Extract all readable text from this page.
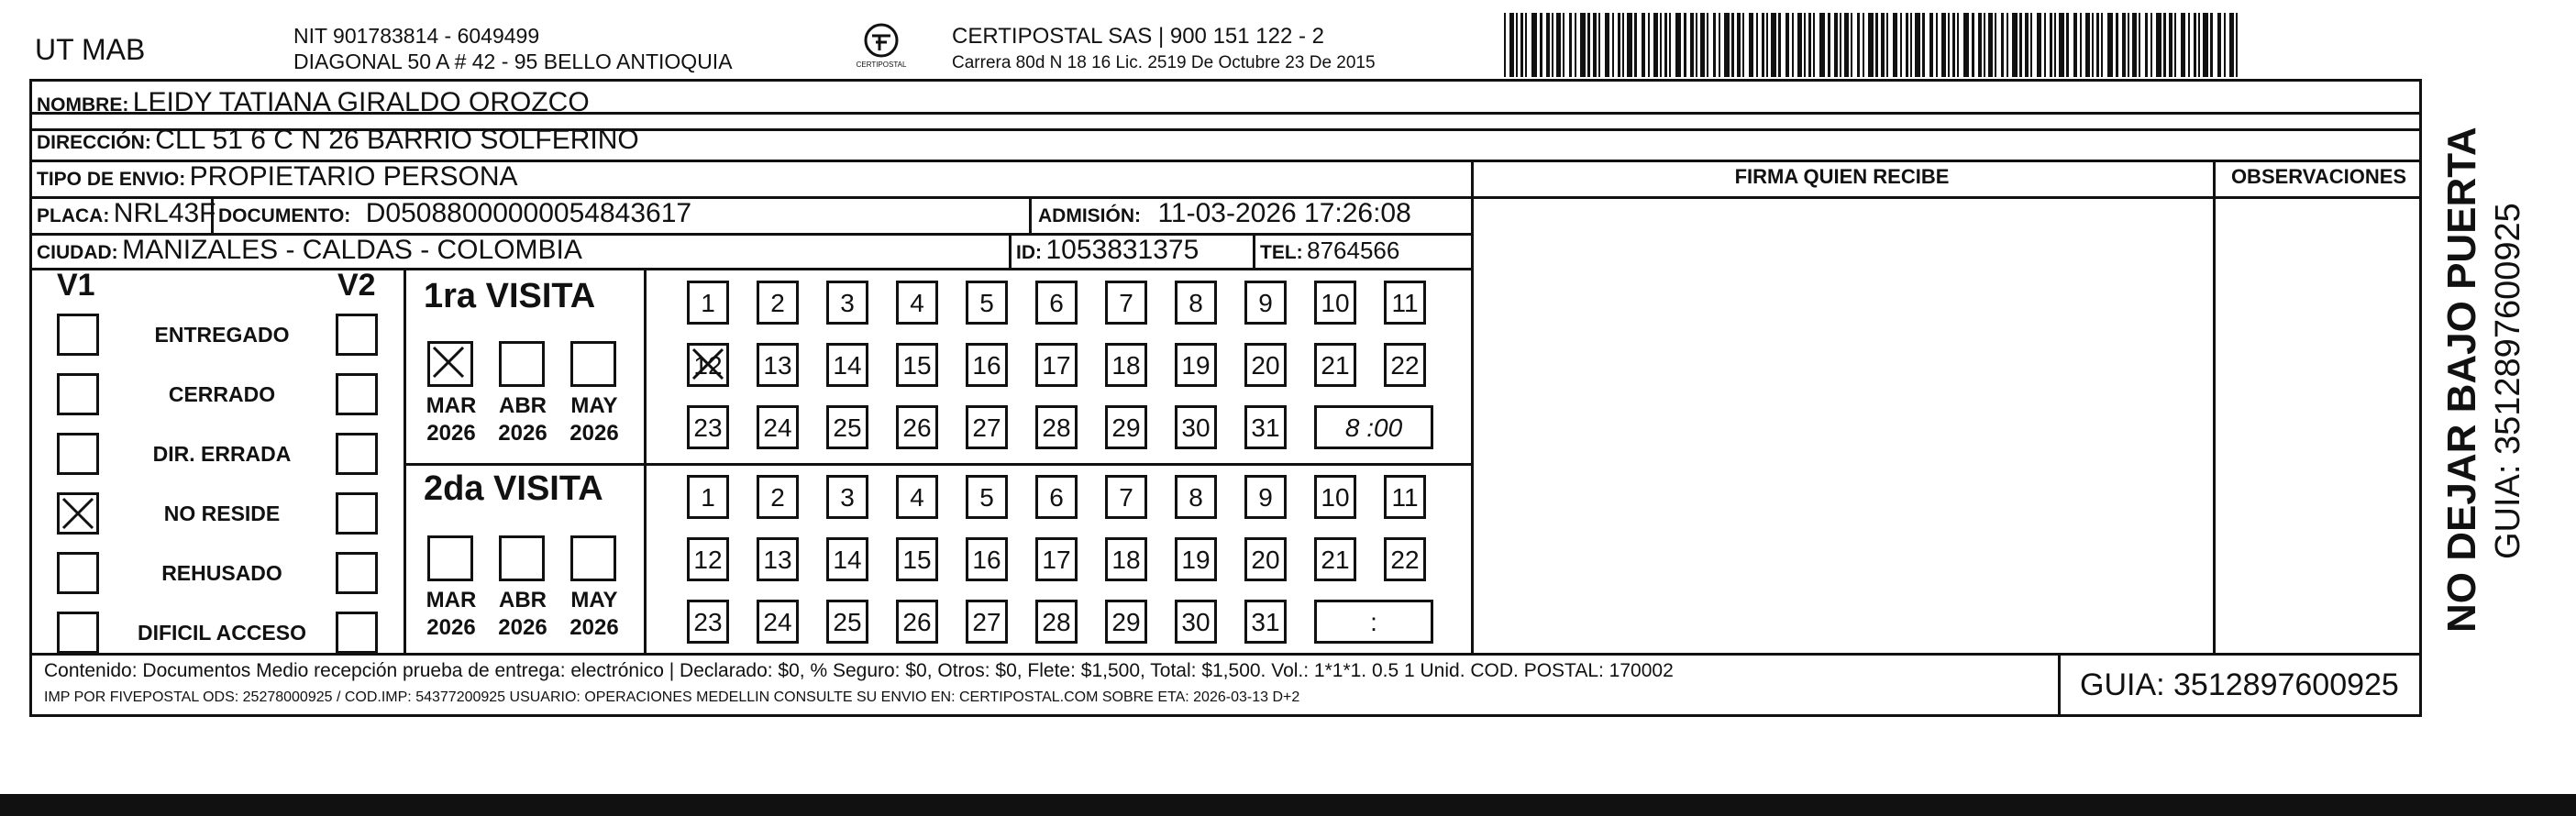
UT MAB	NIT 901783814 - 6049499
DIAGONAL 50 A # 42 - 95 BELLO ANTIOQUIA	CERTIPOSTAL
CERTIPOSTAL SAS | 900 151 122 - 2
Carrera 80d N 18 16 Lic. 2519 De Octubre 23 De 2015
FIRMA QUIEN RECIBE	OBSERVACIONES
NOMBRE: LEIDY TATIANA GIRALDO OROZCO
DIRECCIÓN: CLL 51 6 C N 26 BARRIO SOLFERINO
TIPO DE ENVIO: PROPIETARIO PERSONA
PLACA: NRL43F DOCUMENTO: D05088000000054843617	ADMISIÓN: 11-03-2026 17:26:08
CIUDAD: MANIZALES - CALDAS - COLOMBIA	ID: 1053831375	TEL: 8764566
V1	V2
ENTREGADO
CERRADO
DIR. ERRADA
NO RESIDE
REHUSADO
DIFICIL ACCESO
1ra VISITA
2da VISITA
MAR
2026
ABR
2026
MAY
2026
1	2	3	4	5	6	7	8	9	10	11
12 13 14 15 16 17 18 19 20 21 22
23 24 25 26 27 28 29 30 31	8 :00
MAR
2026
ABR
2026
MAY
2026
1	2	3	4	5	6	7	8	9	10	11
12 13 14 15 16 17 18 19 20 21 22
23 24 25 26 27 28 29 30 31	:
Contenido: Documentos Medio recepción prueba de entrega: electrónico | Declarado: $0, % Seguro: $0, Otros: $0, Flete: $1,500, Total: $1,500. Vol.: 1*1*1. 0.5 1 Unid. COD. POSTAL: 170002
IMP POR FIVEPOSTAL ODS: 25278000925 / COD.IMP: 54377200925 USUARIO: OPERACIONES MEDELLIN CONSULTE SU ENVIO EN: CERTIPOSTAL.COM SOBRE ETA: 2026-03-13 D+2	GUIA: 3512897600925
NO DEJAR BAJO PUERTA GUIA: 3512897600925
